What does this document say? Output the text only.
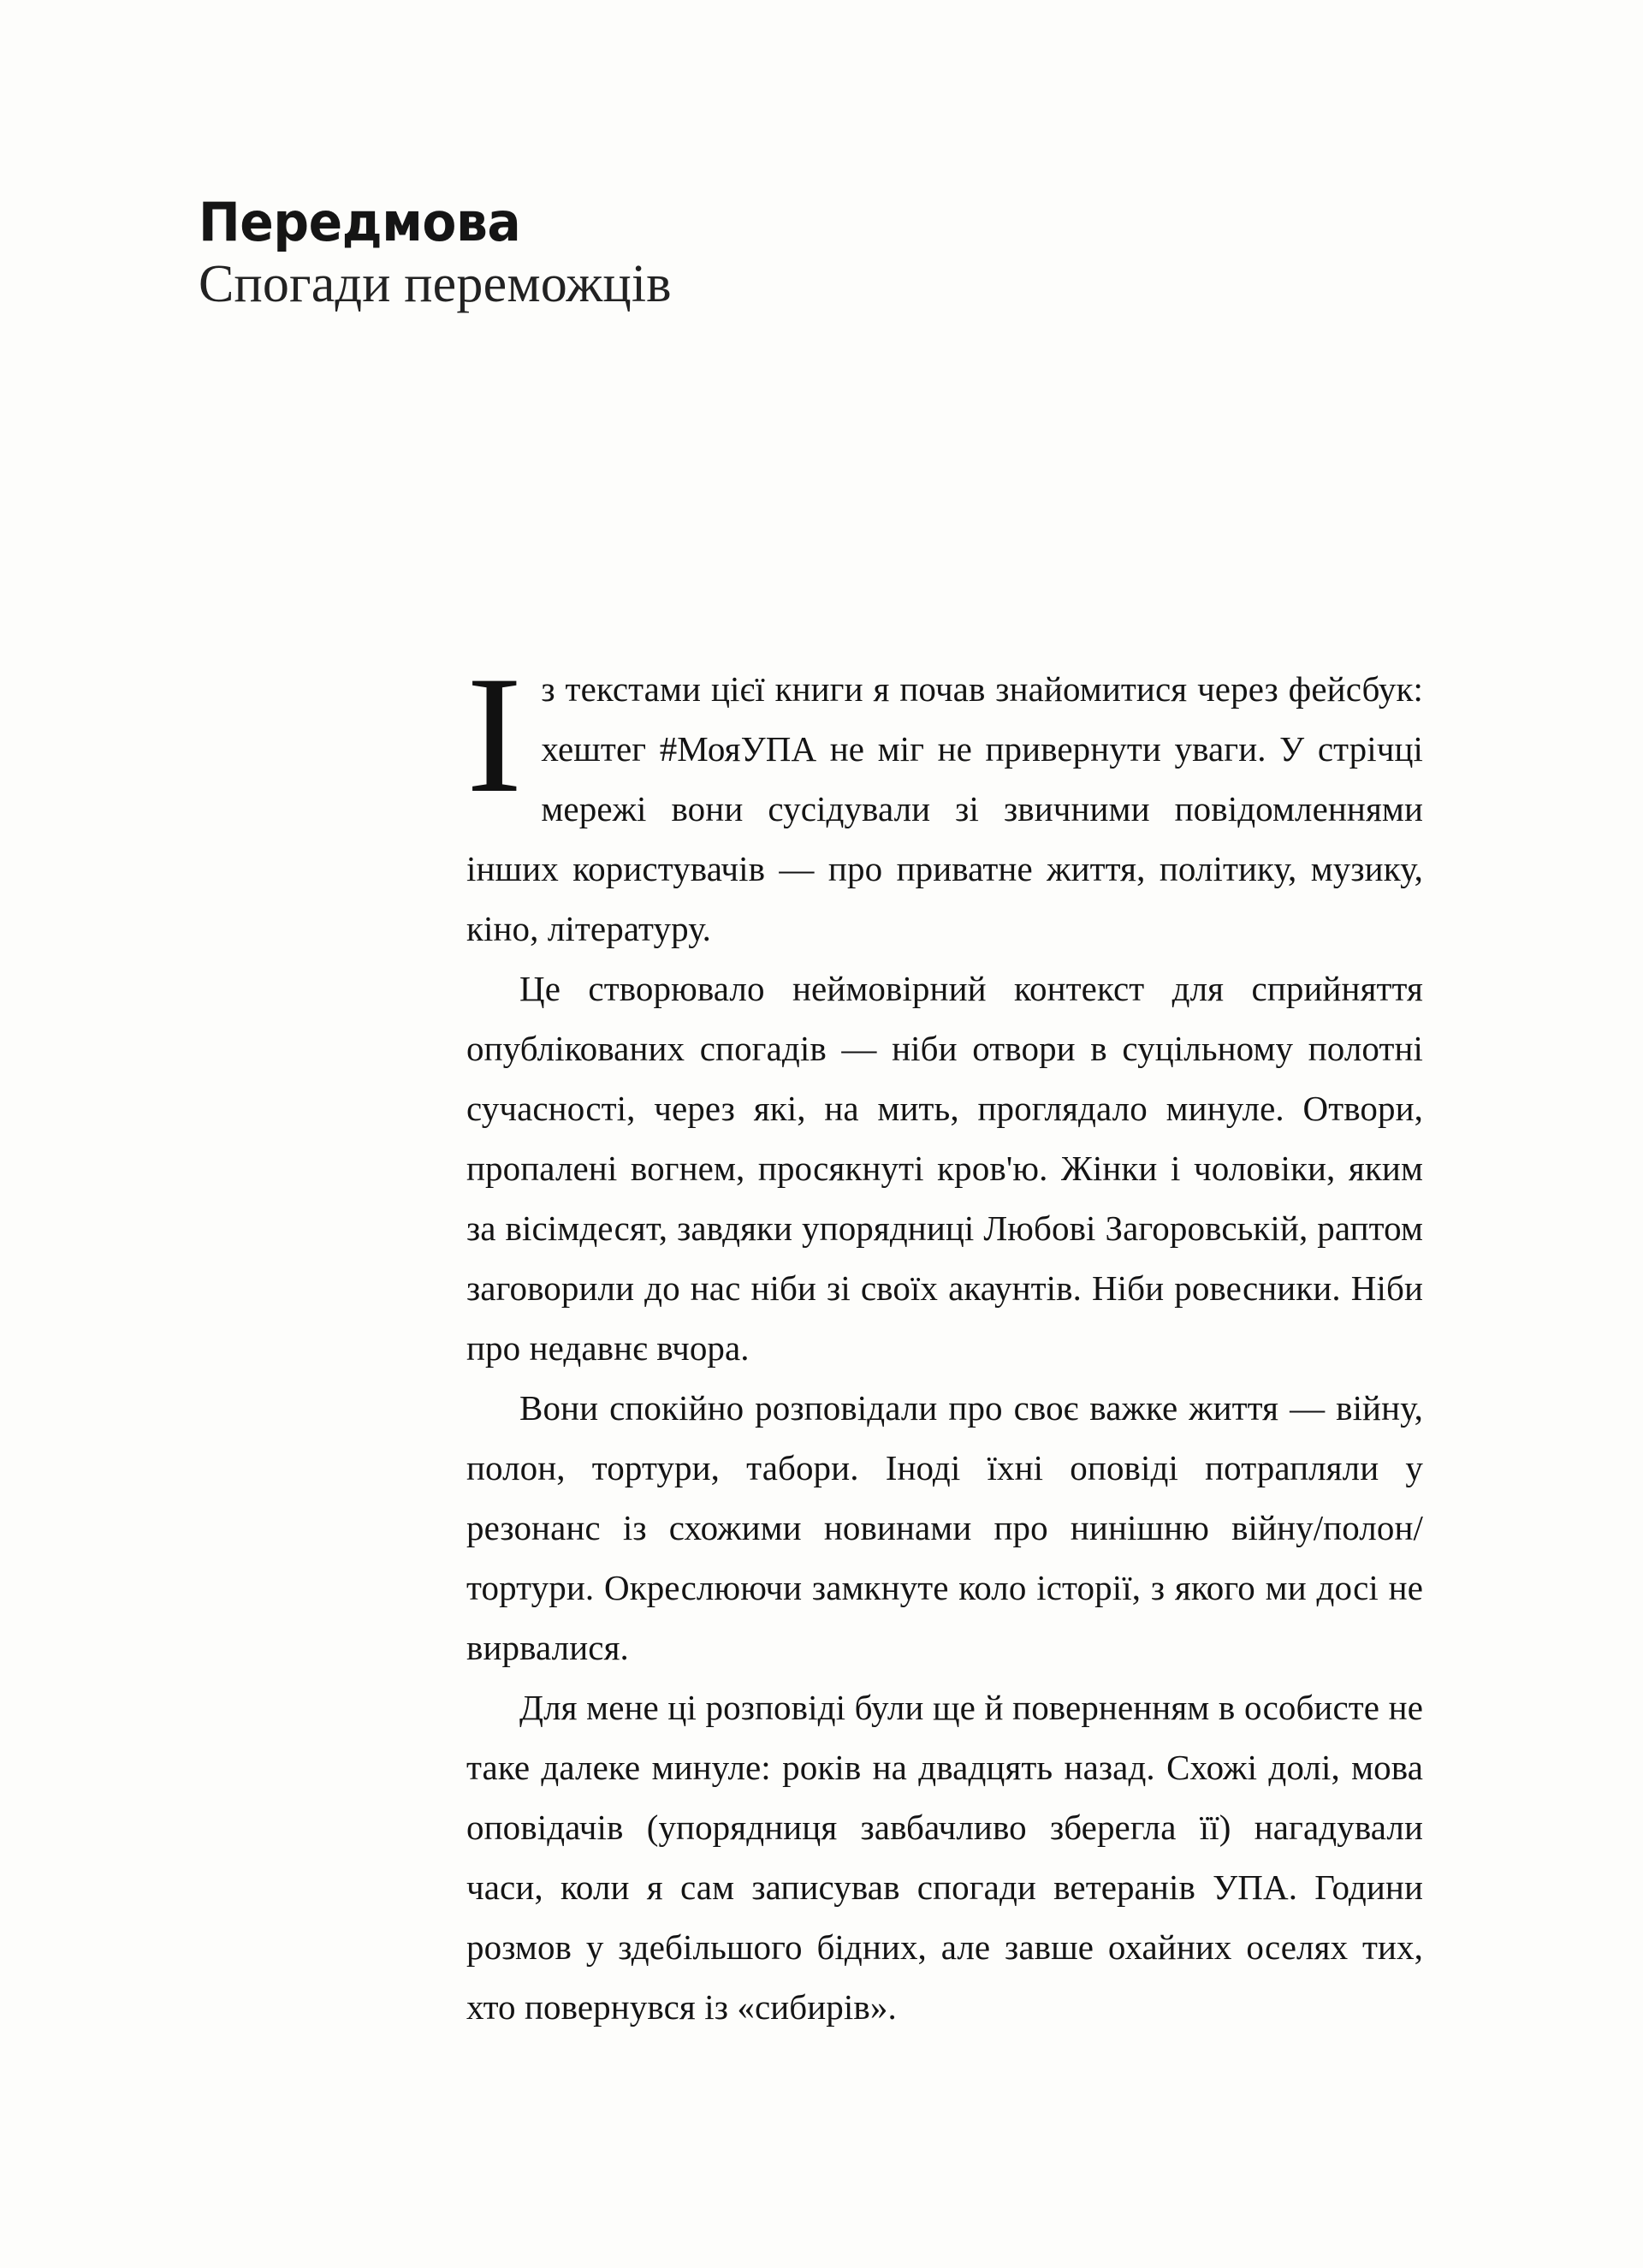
Передмова
Спогади переможців

Із текстами цієї книги я почав знайомитися через фейсбук: хештег #МояУПА не міг не привернути уваги. У стрічці мережі вони сусідували зі звичними повідомленнями інших користувачів — про приватне життя, політику, музику, кіно, літературу.

Це створювало неймовірний контекст для сприйняття опублікованих спогадів — ніби отвори в суцільному полотні сучасності, через які, на мить, проглядало минуле. Отвори, пропалені вогнем, просякнуті кров'ю. Жінки і чоловіки, яким за вісімдесят, завдяки упорядниці Любові Загоровській, раптом заговорили до нас ніби зі своїх акаунтів. Ніби ровесники. Ніби про недавнє вчора.

Вони спокійно розповідали про своє важке життя — війну, полон, тортури, табори. Іноді їхні оповіді потрапляли у резонанс із схожими новинами про нинішню війну/полон/тортури. Окреслюючи замкнуте коло історії, з якого ми досі не вирвалися.

Для мене ці розповіді були ще й поверненням в особисте не таке далеке минуле: років на двадцять назад. Схожі долі, мова оповідачів (упорядниця завбачливо зберегла її) нагадували часи, коли я сам записував спогади ветеранів УПА. Години розмов у здебільшого бідних, але завше охайних оселях тих, хто повернувся із «сибирів».
